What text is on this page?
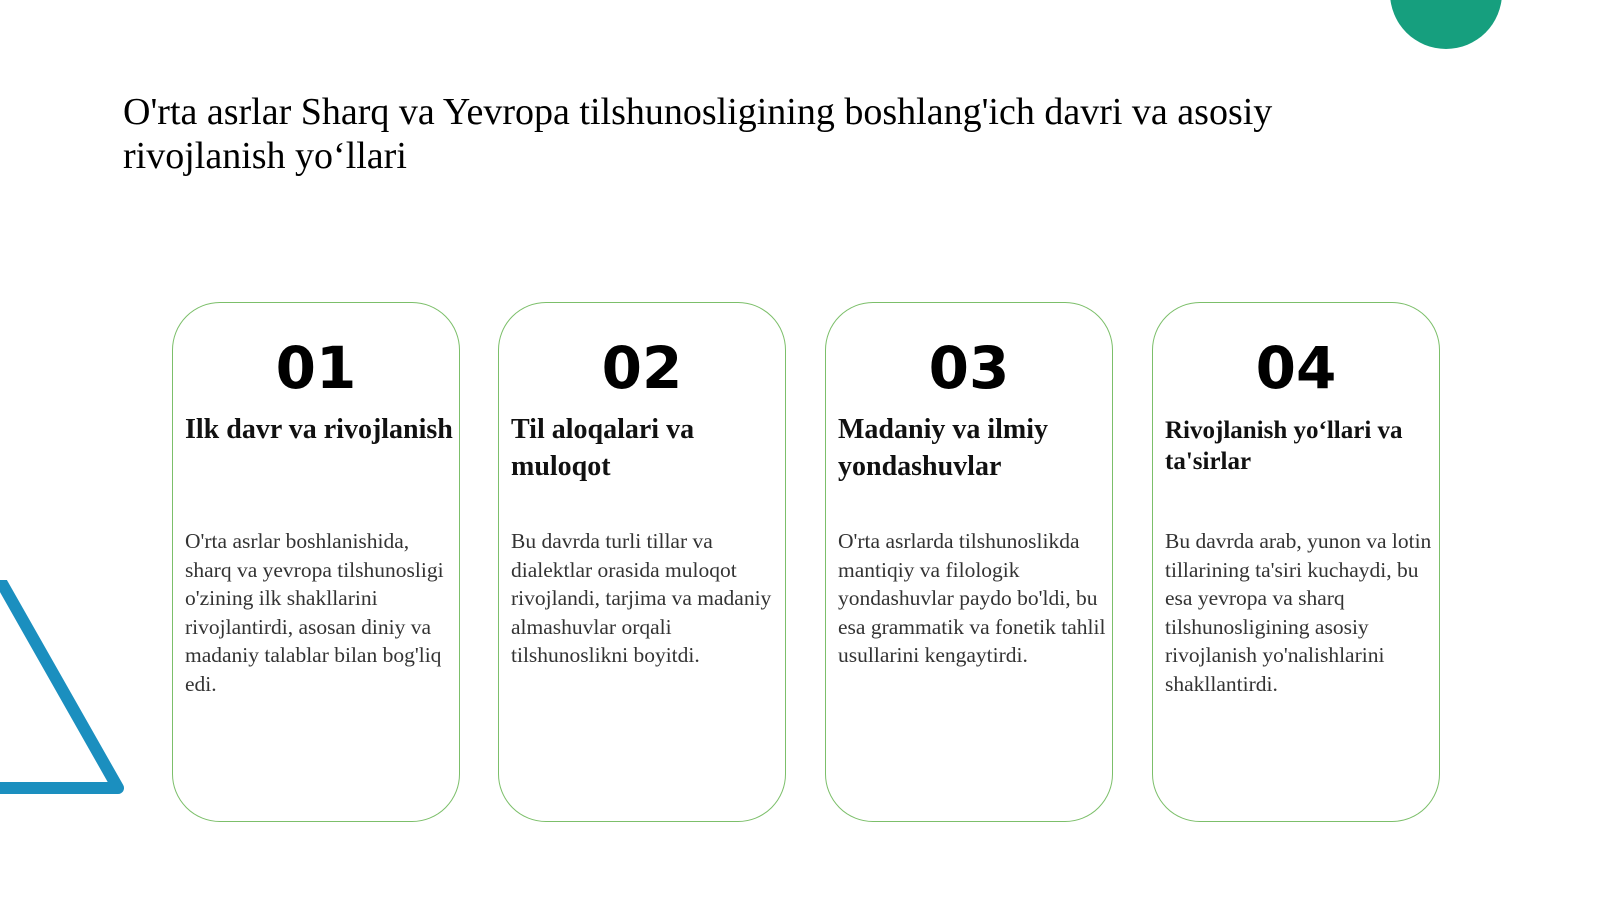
O'rta asrlar Sharq va Yevropa tilshunosligining boshlang'ich davri va asosiy rivojlanish yo‘llari
01
Ilk davr va rivojlanish
O'rta asrlar boshlanishida, sharq va yevropa tilshunosligi o'zining ilk shakllarini rivojlantirdi, asosan diniy va madaniy talablar bilan bog'liq edi.
02
Til aloqalari va muloqot
Bu davrda turli tillar va dialektlar orasida muloqot rivojlandi, tarjima va madaniy almashuvlar orqali tilshunoslikni boyitdi.
03
Madaniy va ilmiy yondashuvlar
O'rta asrlarda tilshunoslikda mantiqiy va filologik yondashuvlar paydo bo'ldi, bu esa grammatik va fonetik tahlil usullarini kengaytirdi.
04
Rivojlanish yo‘llari va ta'sirlar
Bu davrda arab, yunon va lotin tillarining ta'siri kuchaydi, bu esa yevropa va sharq tilshunosligining asosiy rivojlanish yo'nalishlarini shakllantirdi.
